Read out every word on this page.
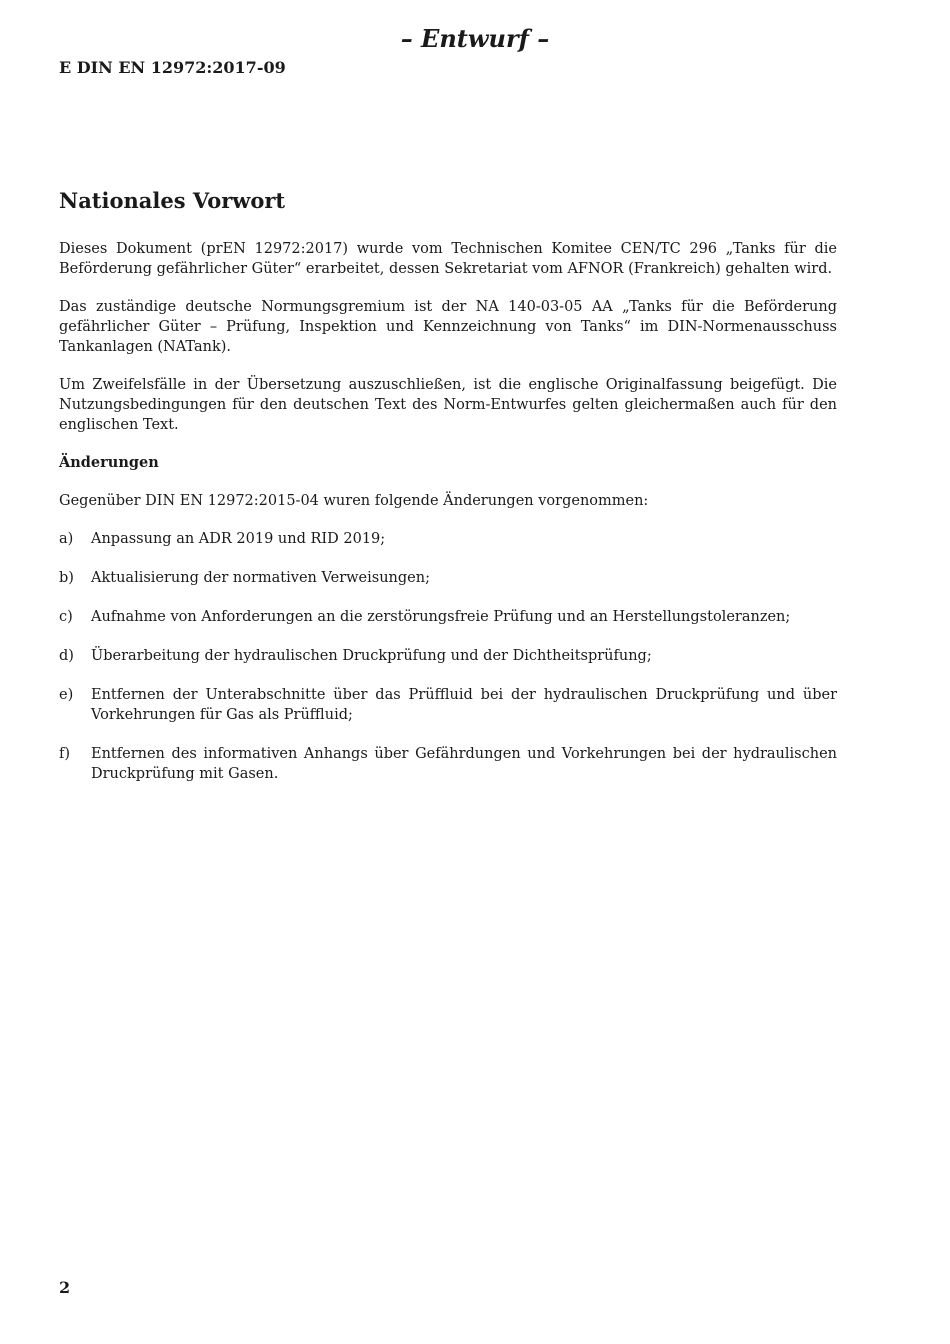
– Entwurf –
E DIN EN 12972:2017-09
Nationales Vorwort

Dieses Dokument (prEN 12972:2017) wurde vom Technischen Komitee CEN/TC 296 „Tanks für die Beförderung gefährlicher Güter“ erarbeitet, dessen Sekretariat vom AFNOR (Frankreich) gehalten wird.

Das zuständige deutsche Normungsgremium ist der NA 140-03-05 AA „Tanks für die Beförderung gefährlicher Güter – Prüfung, Inspektion und Kennzeichnung von Tanks“ im DIN-Normenausschuss Tankanlagen (NATank).

Um Zweifelsfälle in der Übersetzung auszuschließen, ist die englische Originalfassung beigefügt. Die Nutzungsbedingungen für den deutschen Text des Norm-Entwurfes gelten gleichermaßen auch für den englischen Text.

Änderungen

Gegenüber DIN EN 12972:2015-04 wuren folgende Änderungen vorgenommen:

a)	Anpassung an ADR 2019 und RID 2019;
b)	Aktualisierung der normativen Verweisungen;
c)	Aufnahme von Anforderungen an die zerstörungsfreie Prüfung und an Herstellungstoleranzen;
d)	Überarbeitung der hydraulischen Druckprüfung und der Dichtheitsprüfung;
e)	Entfernen der Unterabschnitte über das Prüffluid bei der hydraulischen Druckprüfung und über Vorkehrungen für Gas als Prüffluid;
f)	Entfernen des informativen Anhangs über Gefährdungen und Vorkehrungen bei der hydraulischen Druckprüfung mit Gasen.
2
